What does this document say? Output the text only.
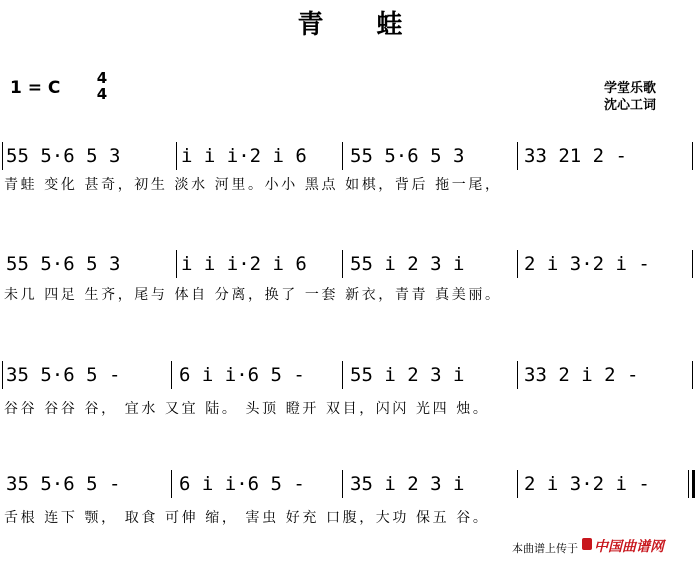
青 蛙
1 = C	4
4	学堂乐歌
沈心工词
55 5·6 5 3	i i i·2 i 6 55 5·6 5 3	33 21 2 -
青蛙 变化 甚奇，初生 淡水 河里。小小 黑点 如棋，背后 拖一尾，
55 5·6 5 3	i i i·2 i 6 55 i 2 3 i	2 i 3·2 i -
未几 四足 生齐，尾与 体自 分离，换了 一套 新衣，青青 真美丽。
35 5·6 5 -	6 i i·6 5 - 55 i 2 3 i	33 2 i 2 -
谷谷 谷谷 谷， 宜水 又宜 陆。 头顶 瞪开 双目，闪闪 光四 烛。
35 5·6 5 -	6 i i·6 5 - 35 i 2 3 i	2 i 3·2 i -
舌根 连下 颚， 取食 可伸 缩， 害虫 好充 口腹，大功 保五 谷。
本曲谱上传于 中国曲谱网
